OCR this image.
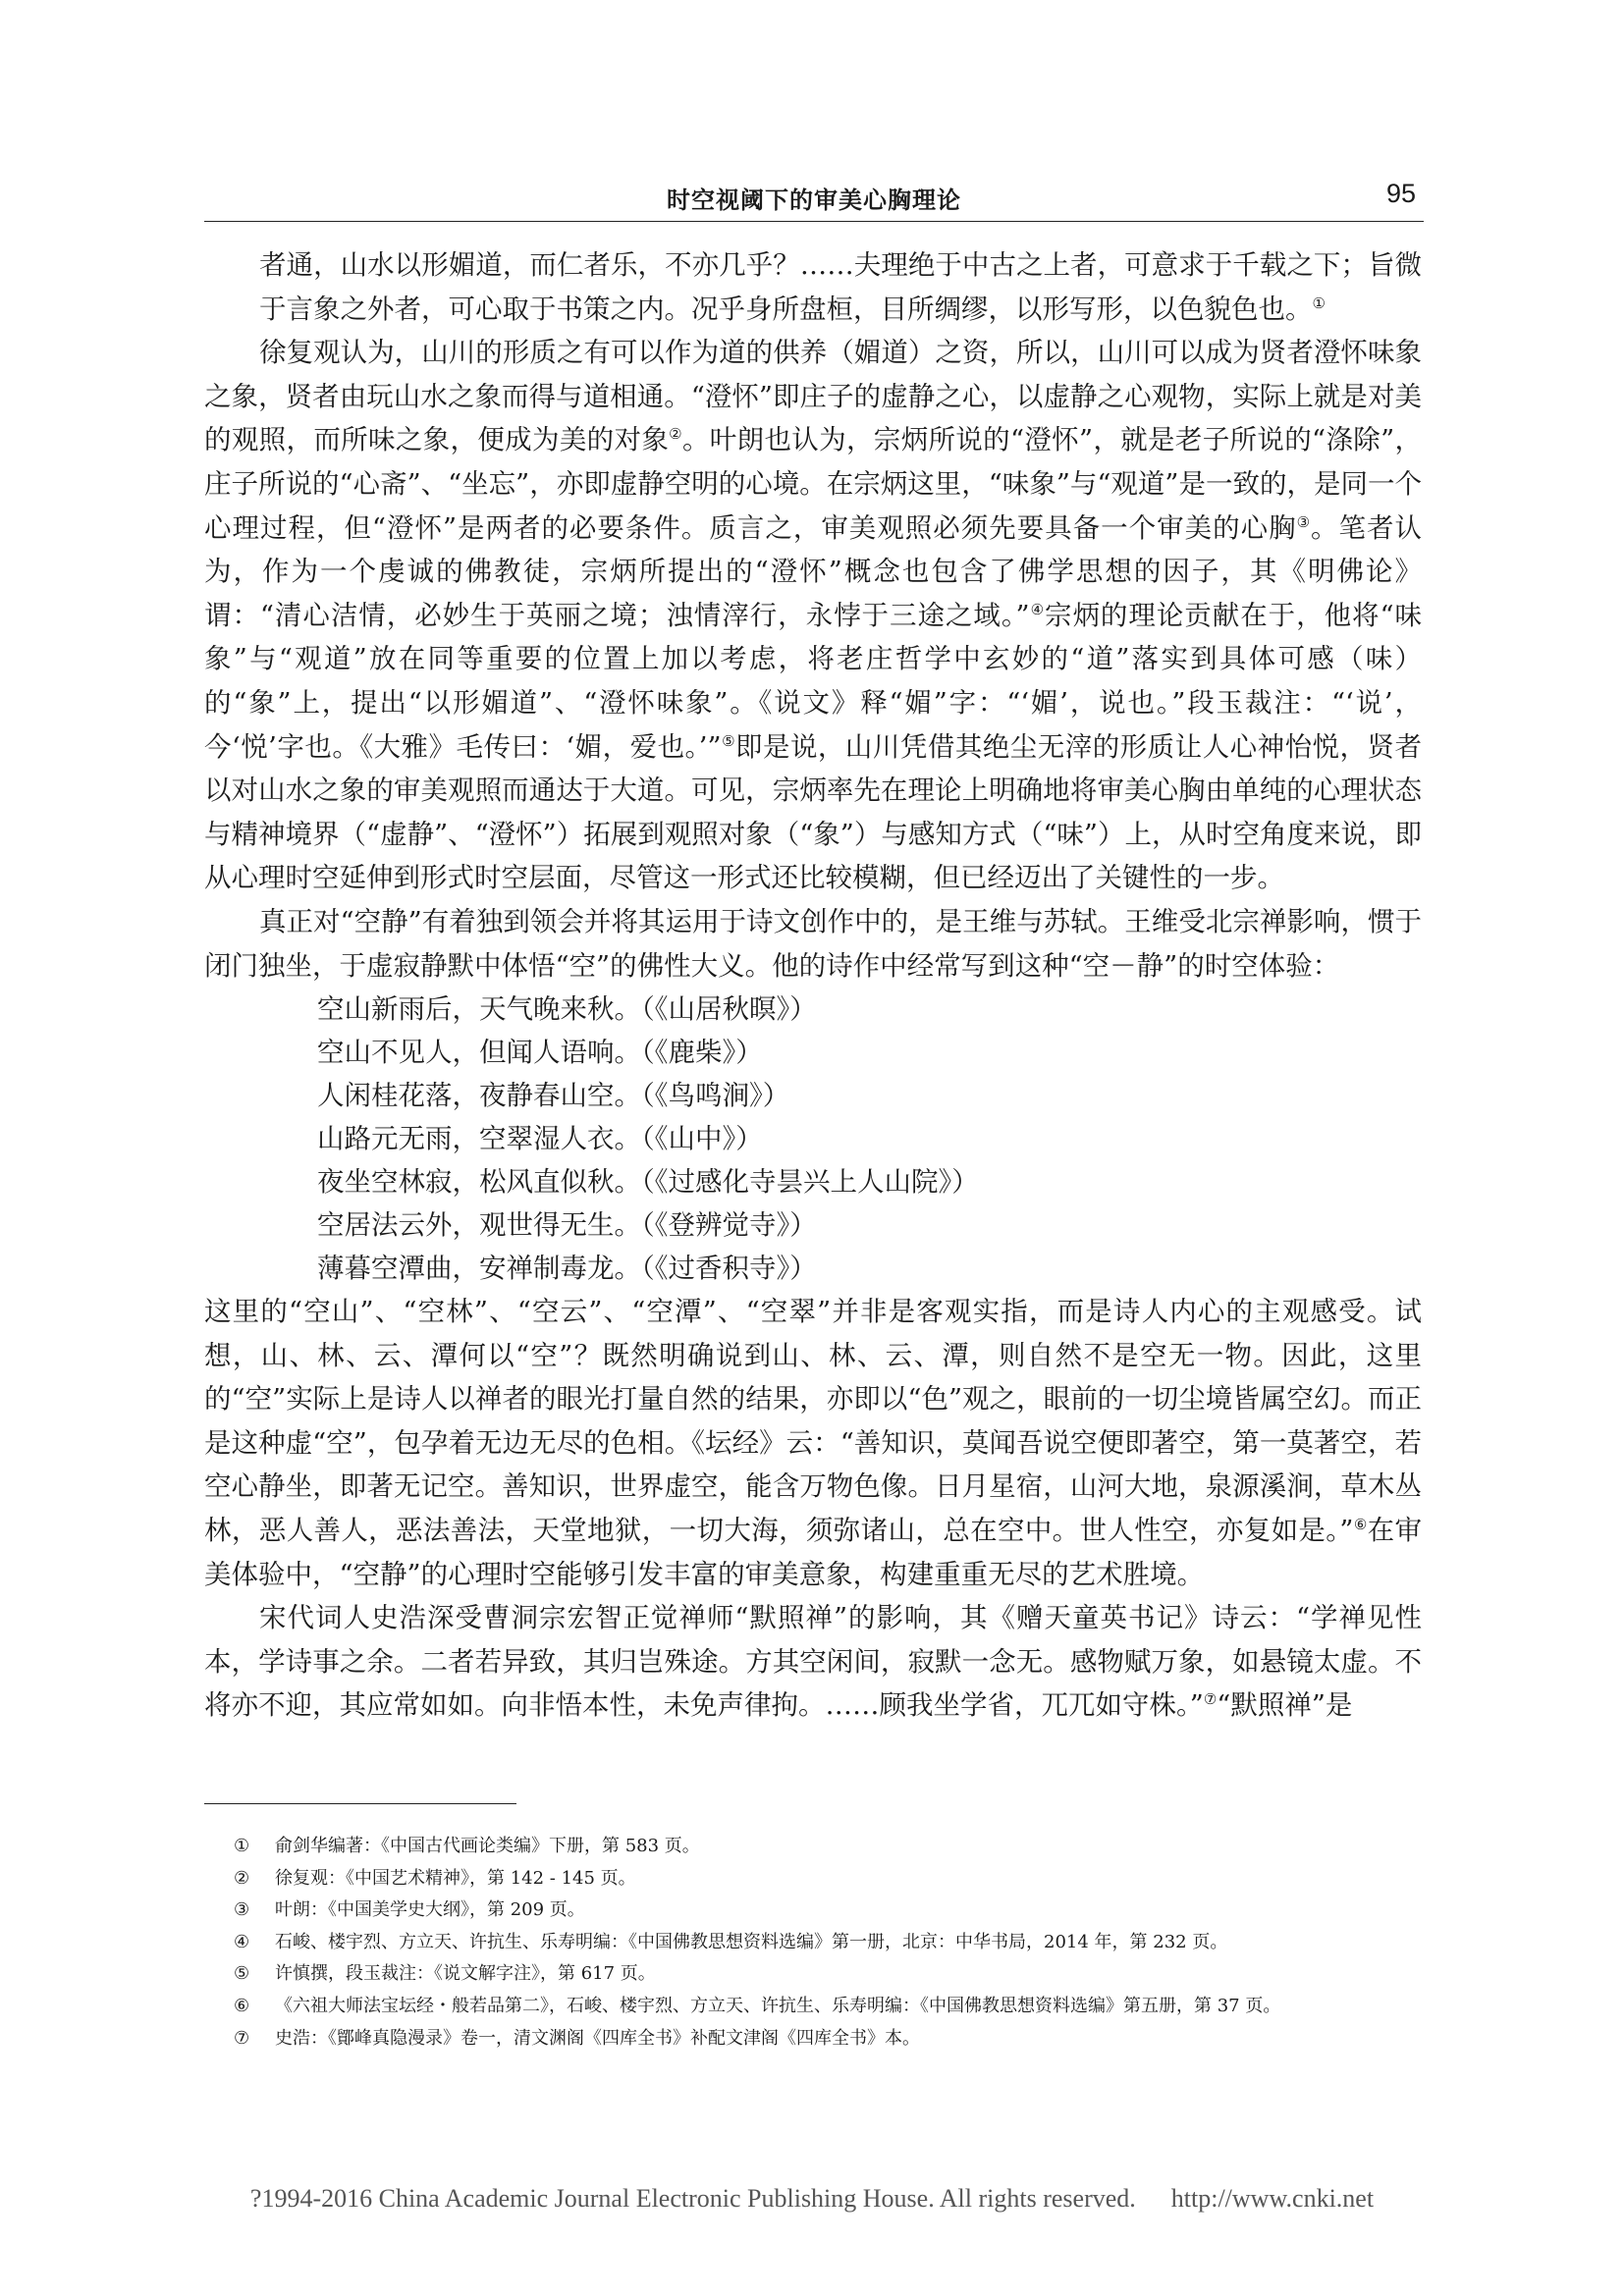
时空视阈下的审美心胸理论	95

者通，山水以形媚道，而仁者乐，不亦几乎？……夫理绝于中古之上者，可意求于千载之下；旨微于言象之外者，可心取于书策之内。况乎身所盘桓，目所绸缪，以形写形，以色貌色也。①

徐复观认为，山川的形质之有可以作为道的供养（媚道）之资，所以，山川可以成为贤者澄怀味象之象，贤者由玩山水之象而得与道相通。“澄怀”即庄子的虚静之心，以虚静之心观物，实际上就是对美的观照，而所味之象，便成为美的对象②。叶朗也认为，宗炳所说的“澄怀”，就是老子所说的“涤除”，庄子所说的“心斋”、“坐忘”，亦即虚静空明的心境。在宗炳这里，“味象”与“观道”是一致的，是同一个心理过程，但“澄怀”是两者的必要条件。质言之，审美观照必须先要具备一个审美的心胸③。笔者认为，作为一个虔诚的佛教徒，宗炳所提出的“澄怀”概念也包含了佛学思想的因子，其《明佛论》谓：“清心洁情，必妙生于英丽之境；浊情滓行，永悖于三途之域。”④宗炳的理论贡献在于，他将“味象”与“观道”放在同等重要的位置上加以考虑，将老庄哲学中玄妙的“道”落实到具体可感（味）的“象”上，提出“以形媚道”、“澄怀味象”。《说文》释“媚”字：“‘媚’，说也。”段玉裁注：“‘说’，今‘悦’字也。《大雅》毛传曰：‘媚，爱也。’”⑤即是说，山川凭借其绝尘无滓的形质让人心神怡悦，贤者以对山水之象的审美观照而通达于大道。可见，宗炳率先在理论上明确地将审美心胸由单纯的心理状态与精神境界（“虚静”、“澄怀”）拓展到观照对象（“象”）与感知方式（“味”）上，从时空角度来说，即从心理时空延伸到形式时空层面，尽管这一形式还比较模糊，但已经迈出了关键性的一步。

真正对“空静”有着独到领会并将其运用于诗文创作中的，是王维与苏轼。王维受北宗禅影响，惯于闭门独坐，于虚寂静默中体悟“空”的佛性大义。他的诗作中经常写到这种“空－静”的时空体验：

空山新雨后，天气晚来秋。（《山居秋暝》）

空山不见人，但闻人语响。（《鹿柴》）

人闲桂花落，夜静春山空。（《鸟鸣涧》）

山路元无雨，空翠湿人衣。（《山中》）

夜坐空林寂，松风直似秋。（《过感化寺昙兴上人山院》）

空居法云外，观世得无生。（《登辨觉寺》）

薄暮空潭曲，安禅制毒龙。（《过香积寺》）

这里的“空山”、“空林”、“空云”、“空潭”、“空翠”并非是客观实指，而是诗人内心的主观感受。试想，山、林、云、潭何以“空”？既然明确说到山、林、云、潭，则自然不是空无一物。因此，这里的“空”实际上是诗人以禅者的眼光打量自然的结果，亦即以“色”观之，眼前的一切尘境皆属空幻。而正是这种虚“空”，包孕着无边无尽的色相。《坛经》云：“善知识，莫闻吾说空便即著空，第一莫著空，若空心静坐，即著无记空。善知识，世界虚空，能含万物色像。日月星宿，山河大地，泉源溪涧，草木丛林，恶人善人，恶法善法，天堂地狱，一切大海，须弥诸山，总在空中。世人性空，亦复如是。”⑥在审美体验中，“空静”的心理时空能够引发丰富的审美意象，构建重重无尽的艺术胜境。

宋代词人史浩深受曹洞宗宏智正觉禅师“默照禅”的影响，其《赠天童英书记》诗云：“学禅见性本，学诗事之余。二者若异致，其归岂殊途。方其空闲间，寂默一念无。感物赋万象，如悬镜太虚。不将亦不迎，其应常如如。向非悟本性，未免声律拘。……顾我坐学省，兀兀如守株。”⑦“默照禅”是

①	俞剑华编著：《中国古代画论类编》下册，第 583 页。

②	徐复观：《中国艺术精神》，第 142 - 145 页。

③	叶朗：《中国美学史大纲》，第 209 页。

④	石峻、楼宇烈、方立天、许抗生、乐寿明编：《中国佛教思想资料选编》第一册，北京：中华书局，2014 年，第 232 页。

⑤	许慎撰，段玉裁注：《说文解字注》，第 617 页。

⑥	《六祖大师法宝坛经・般若品第二》，石峻、楼宇烈、方立天、许抗生、乐寿明编：《中国佛教思想资料选编》第五册，第 37 页。

⑦	史浩：《鄮峰真隐漫录》卷一，清文渊阁《四库全书》补配文津阁《四库全书》本。

?1994-2016 China Academic Journal Electronic Publishing House. All rights reserved. http://www.cnki.net
